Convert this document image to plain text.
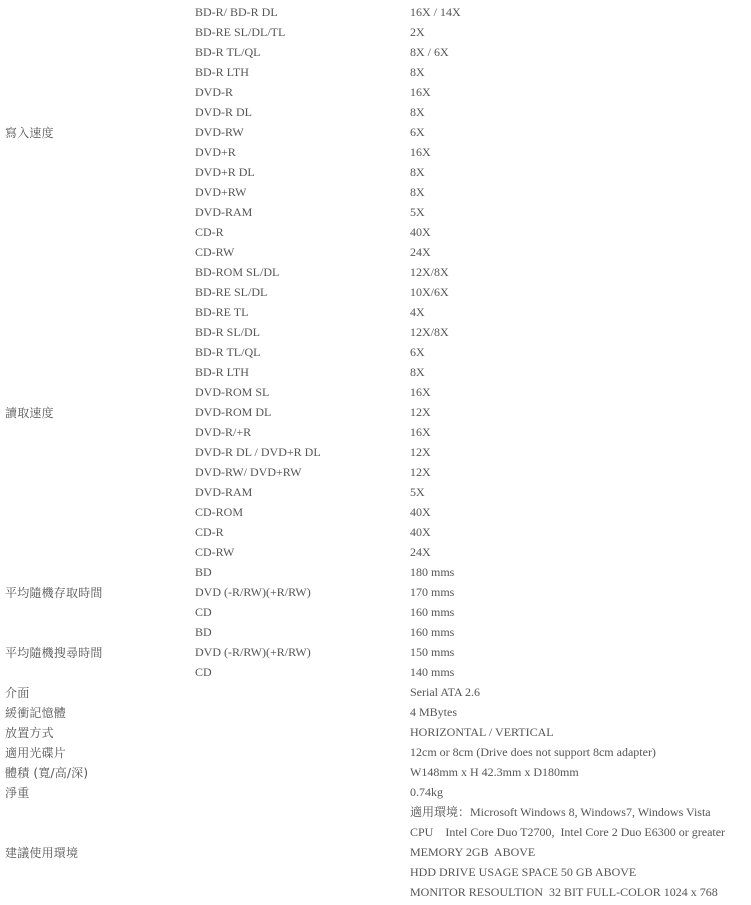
寫入速度
BD-R/ BD-R DL	16X / 14X
BD-RE SL/DL/TL	2X
BD-R TL/QL	8X / 6X
BD-R LTH	8X
DVD-R	16X
DVD-R DL	8X
DVD-RW	6X
DVD+R	16X
DVD+R DL	8X
DVD+RW	8X
DVD-RAM	5X
CD-R	40X
CD-RW	24X
讀取速度
BD-ROM SL/DL	12X/8X
BD-RE SL/DL	10X/6X
BD-RE TL	4X
BD-R SL/DL	12X/8X
BD-R TL/QL	6X
BD-R LTH	8X
DVD-ROM SL	16X
DVD-ROM DL	12X
DVD-R/+R	16X
DVD-R DL / DVD+R DL	12X
DVD-RW/ DVD+RW	12X
DVD-RAM	5X
CD-ROM	40X
CD-R	40X
CD-RW	24X
平均隨機存取時間
BD	180 mms
DVD (-R/RW)(+R/RW)	170 mms
CD	160 mms
平均隨機搜尋時間
BD	160 mms
DVD (-R/RW)(+R/RW)	150 mms
CD	140 mms
介面	Serial ATA 2.6
緩衝記憶體	4 MBytes
放置方式	HORIZONTAL / VERTICAL
適用光碟片	12cm or 8cm (Drive does not support 8cm adapter)
體積 (寬/高/深)	W148mm x H 42.3mm x D180mm
淨重	0.74kg
建議使用環境
適用環境：Microsoft Windows 8, Windows7, Windows Vista
CPU    Intel Core Duo T2700,  Intel Core 2 Duo E6300 or greater
MEMORY 2GB  ABOVE
HDD DRIVE USAGE SPACE 50 GB ABOVE
MONITOR RESOULTION  32 BIT FULL-COLOR 1024 x 768
